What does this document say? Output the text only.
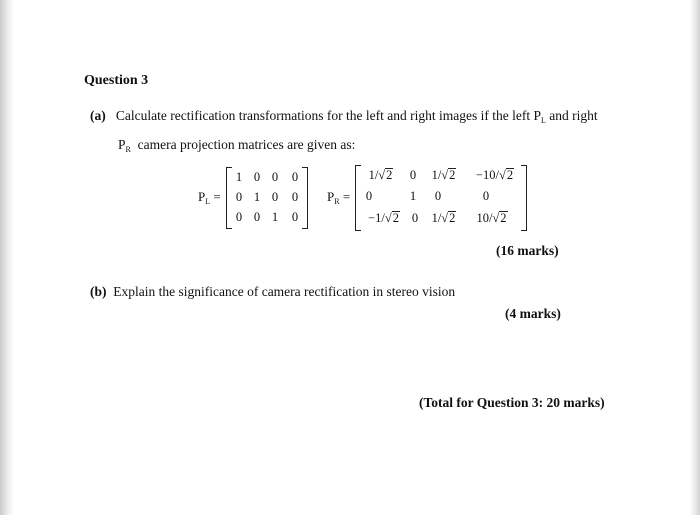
Question 3
(a) Calculate rectification transformations for the left and right images if the left $P_L$ and right
$P_R$ camera projection matrices are given as:
$P_L$ =
1 0 0	0
0 1 0	0
0 0 1	0
$P_R$ =
1/√2	0	1/√2	−10/√2
0	1	0	0
−1/√2	0	1/√2	10/√2
(16 marks)
(b) Explain the significance of camera rectification in stereo vision
(4 marks)
(Total for Question 3: 20 marks)
